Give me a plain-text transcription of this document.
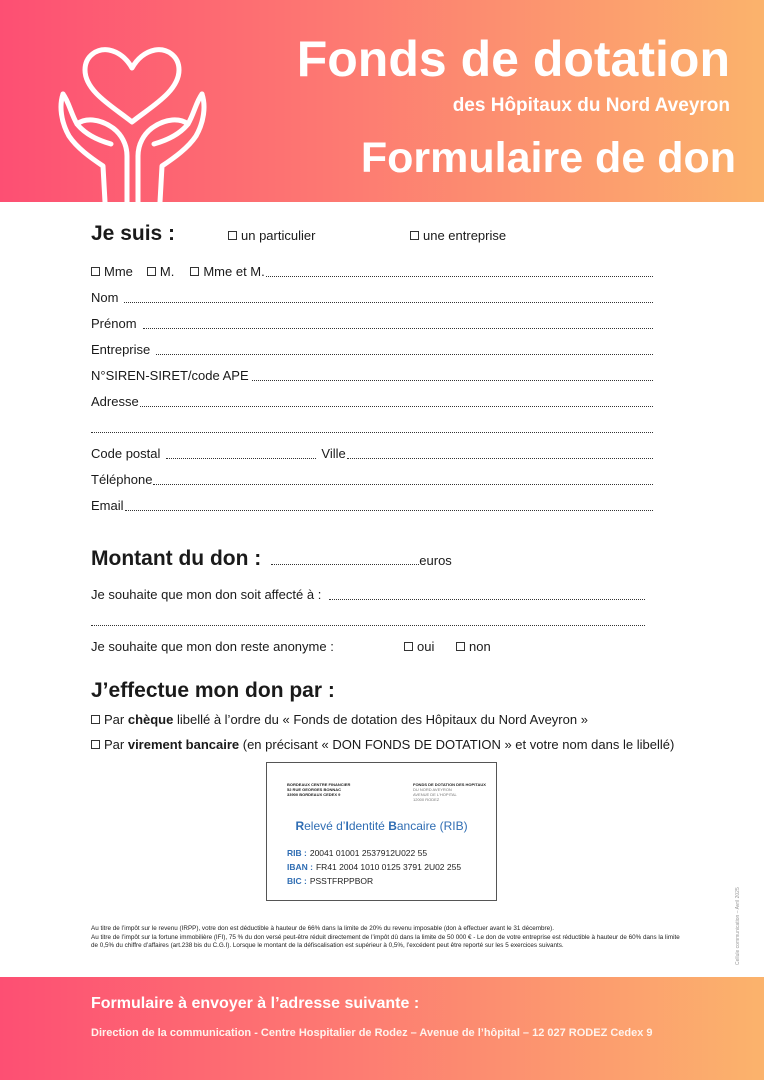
Fonds de dotation
des Hôpitaux du Nord Aveyron
Formulaire de don
Je suis :	un particulier	une entreprise
Mme	M.	Mme et M.
Nom
Prénom
Entreprise
N°SIREN-SIRET/code APE
Adresse
Code postal	Ville
Téléphone
Email
Montant du don :	euros
Je souhaite que mon don soit affecté à :
Je souhaite que mon don reste anonyme :	oui	non
J’effectue mon don par :
Par chèque libellé à l’ordre du « Fonds de dotation des Hôpitaux du Nord Aveyron »
Par virement bancaire (en précisant « DON FONDS DE DOTATION » et votre nom dans le libellé)
BORDEAUX CENTRE FINANCIER
52 RUE GEORGES BONNAC
33900 BORDEAUX CEDEX 9
FONDS DE DOTATION DES HOPITAUX
DU NORD AVEYRON
AVENUE DE L'HOPITAL
12000 RODEZ
Relevé d’Identité Bancaire (RIB)
RIB : 20041 01001 2537912U022 55
IBAN : FR41 2004 1010 0125 3791 2U02 255
BIC : PSSTFRPPBOR
Au titre de l’impôt sur le revenu (IRPP), votre don est déductible à hauteur de 66% dans la limite de 20% du revenu imposable (don à effectuer avant le 31 décembre).
Au titre de l’impôt sur la fortune immobilière (IFI), 75 % du don versé peut-être réduit directement de l’impôt dû dans la limite de 50 000 € - Le don de votre entreprise est réductible à hauteur de 60% dans la limite de 0,5% du chiffre d’affaires (art.238 bis du C.G.I). Lorsque le montant de la défiscalisation est supérieur à 0,5%, l’excédent peut être reporté sur les 5 exercices suivants.	Cellule communication – Avril 2025
Formulaire à envoyer à l’adresse suivante :
Direction de la communication - Centre Hospitalier de Rodez – Avenue de l’hôpital – 12 027 RODEZ Cedex 9
